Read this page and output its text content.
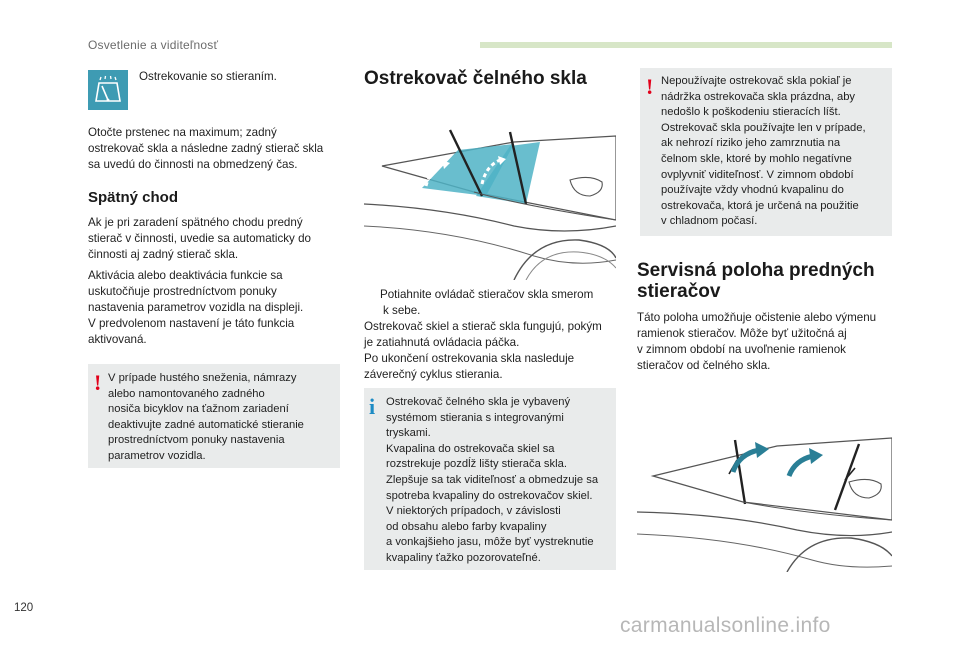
Osvetlenie a viditeľnosť
Ostrekovanie so stieraním.
Otočte prstenec na maximum; zadný
ostrekovač skla a následne zadný stierač skla
sa uvedú do činnosti na obmedzený čas.
Spätný chod
Ak je pri zaradení spätného chodu predný
stierač v činnosti, uvedie sa automaticky do
činnosti aj zadný stierač skla.
Aktivácia alebo deaktivácia funkcie sa
uskutočňuje prostredníctvom ponuky
nastavenia parametrov vozidla na displeji.
V predvolenom nastavení je táto funkcia
aktivovaná.
! V prípade hustého sneženia, námrazy
alebo namontovaného zadného
nosiča bicyklov na ťažnom zariadení
deaktivujte zadné automatické stieranie
prostredníctvom ponuky nastavenia
parametrov vozidla.
Ostrekovač čelného skla
Potiahnite ovládač stieračov skla smerom
k sebe.
Ostrekovač skiel a stierač skla fungujú, pokým
je zatiahnutá ovládacia páčka.
Po ukončení ostrekovania skla nasleduje
záverečný cyklus stierania.
i Ostrekovač čelného skla je vybavený
systémom stierania s integrovanými
tryskami.
Kvapalina do ostrekovača skiel sa
rozstrekuje pozdĺž lišty stierača skla.
Zlepšuje sa tak viditeľnosť a obmedzuje sa
spotreba kvapaliny do ostrekovačov skiel.
V niektorých prípadoch, v závislosti
od obsahu alebo farby kvapaliny
a vonkajšieho jasu, môže byť vystreknutie
kvapaliny ťažko pozorovateľné.
! Nepoužívajte ostrekovač skla pokiaľ je
nádržka ostrekovača skla prázdna, aby
nedošlo k poškodeniu stieracích líšt.
Ostrekovač skla používajte len v prípade,
ak nehrozí riziko jeho zamrznutia na
čelnom skle, ktoré by mohlo negatívne
ovplyvniť viditeľnosť. V zimnom období
používajte vždy vhodnú kvapalinu do
ostrekovača, ktorá je určená na použitie
v chladnom počasí.
Servisná poloha predných
stieračov
Táto poloha umožňuje očistenie alebo výmenu
ramienok stieračov. Môže byť užitočná aj
v zimnom období na uvoľnenie ramienok
stieračov od čelného skla.
120
carmanualsonline.info
